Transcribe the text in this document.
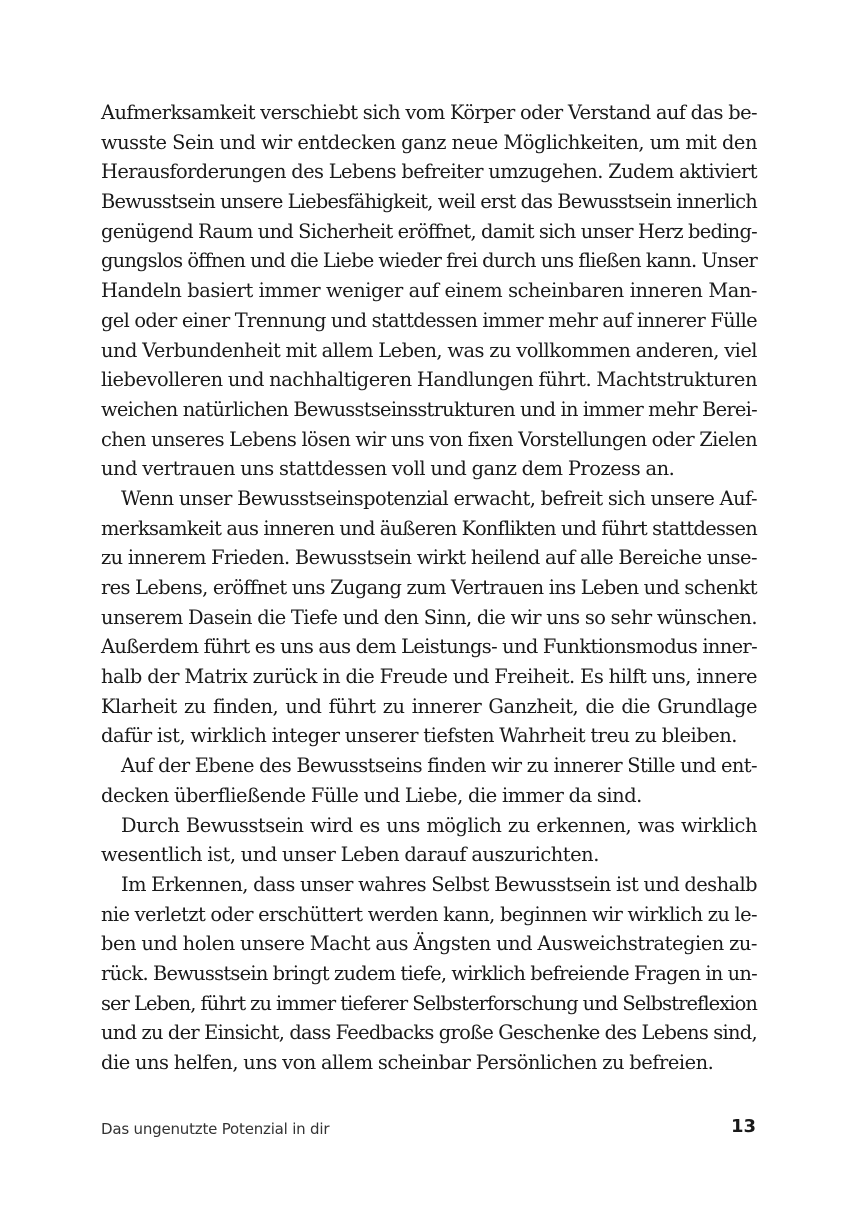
Aufmerksamkeit verschiebt sich vom Körper oder Verstand auf das be-
wusste Sein und wir entdecken ganz neue Möglichkeiten, um mit den
Herausforderungen des Lebens befreiter umzugehen. Zudem aktiviert
Bewusstsein unsere Liebesfähigkeit, weil erst das Bewusstsein innerlich
genügend Raum und Sicherheit eröffnet, damit sich unser Herz beding-
gungslos öffnen und die Liebe wieder frei durch uns fließen kann. Unser
Handeln basiert immer weniger auf einem scheinbaren inneren Man-
gel oder einer Trennung und stattdessen immer mehr auf innerer Fülle
und Verbundenheit mit allem Leben, was zu vollkommen anderen, viel
liebevolleren und nachhaltigeren Handlungen führt. Machtstrukturen
weichen natürlichen Bewusstseinsstrukturen und in immer mehr Berei-
chen unseres Lebens lösen wir uns von fixen Vorstellungen oder Zielen
und vertrauen uns stattdessen voll und ganz dem Prozess an.
Wenn unser Bewusstseinspotenzial erwacht, befreit sich unsere Auf-
merksamkeit aus inneren und äußeren Konflikten und führt stattdessen
zu innerem Frieden. Bewusstsein wirkt heilend auf alle Bereiche unse-
res Lebens, eröffnet uns Zugang zum Vertrauen ins Leben und schenkt
unserem Dasein die Tiefe und den Sinn, die wir uns so sehr wünschen.
Außerdem führt es uns aus dem Leistungs- und Funktionsmodus inner-
halb der Matrix zurück in die Freude und Freiheit. Es hilft uns, innere
Klarheit zu finden, und führt zu innerer Ganzheit, die die Grundlage
dafür ist, wirklich integer unserer tiefsten Wahrheit treu zu bleiben.
Auf der Ebene des Bewusstseins finden wir zu innerer Stille und ent-
decken überfließende Fülle und Liebe, die immer da sind.
Durch Bewusstsein wird es uns möglich zu erkennen, was wirklich
wesentlich ist, und unser Leben darauf auszurichten.
Im Erkennen, dass unser wahres Selbst Bewusstsein ist und deshalb
nie verletzt oder erschüttert werden kann, beginnen wir wirklich zu le-
ben und holen unsere Macht aus Ängsten und Ausweichstrategien zu-
rück. Bewusstsein bringt zudem tiefe, wirklich befreiende Fragen in un-
ser Leben, führt zu immer tieferer Selbsterforschung und Selbstreflexion
und zu der Einsicht, dass Feedbacks große Geschenke des Lebens sind,
die uns helfen, uns von allem scheinbar Persönlichen zu befreien.
Das ungenutzte Potenzial in dir	13
